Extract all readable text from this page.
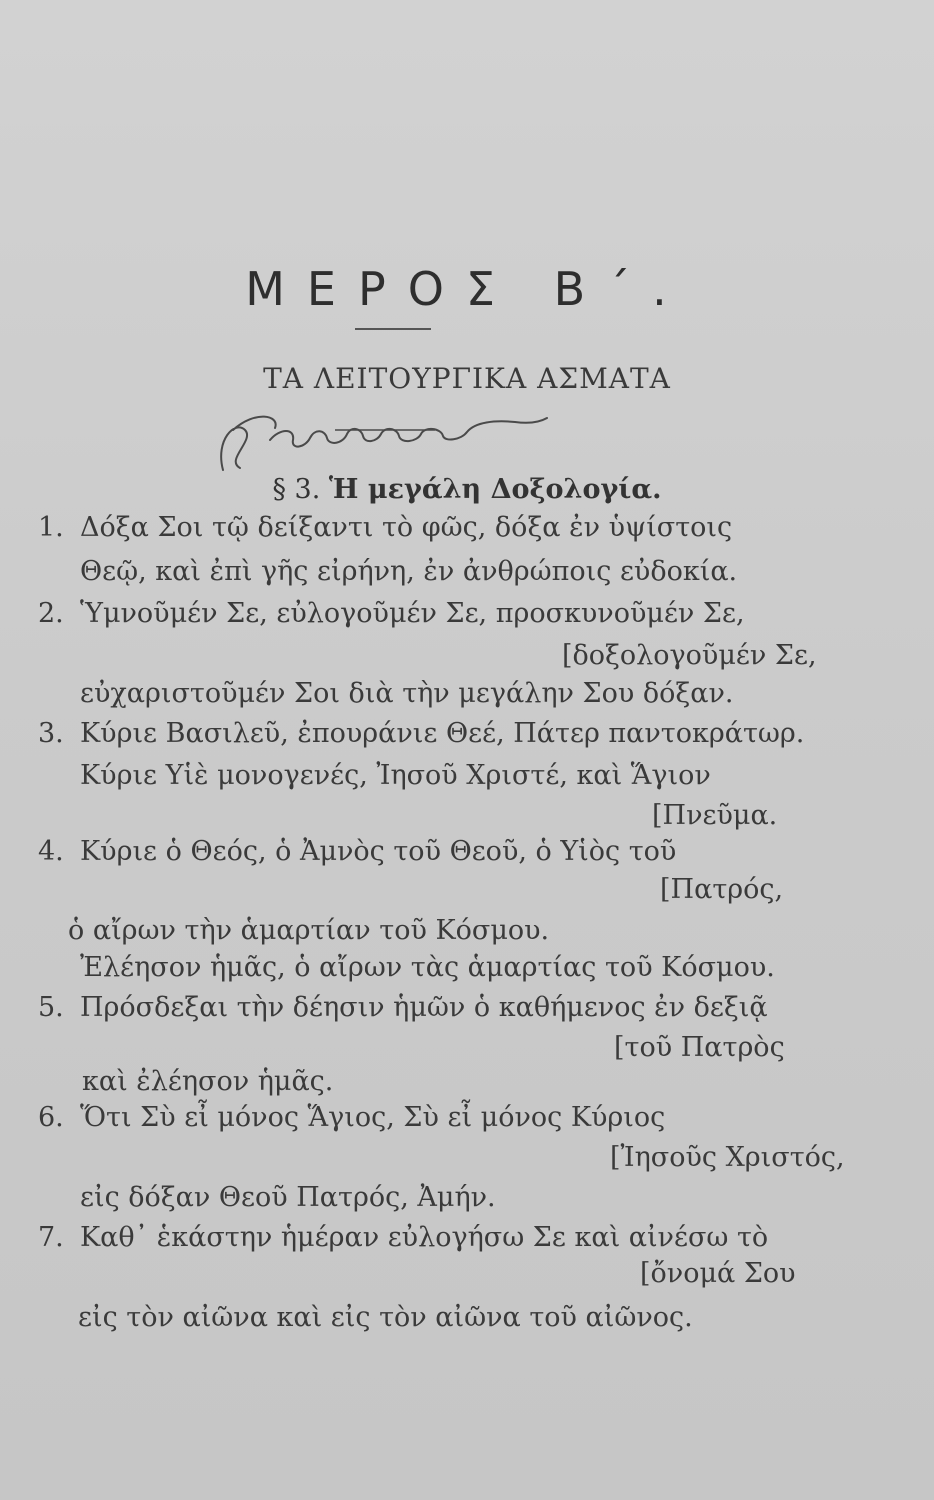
ΜΕΡΟΣ Β΄.
ΤΑ ΛΕΙΤΟΥΡΓΙΚΑ ΑΣΜΑΤΑ
§ 3. Ἡ μεγάλη Δοξολογία.
1. Δόξα Σοι τῷ δείξαντι τὸ φῶς, δόξα ἐν ὑψίστοις
Θεῷ, καὶ ἐπὶ γῆς εἰρήνη, ἐν ἀνθρώποις εὐδοκία.
2. Ὑμνοῦμέν Σε, εὐλογοῦμέν Σε, προσκυνοῦμέν Σε,
[δοξολογοῦμέν Σε,
εὐχαριστοῦμέν Σοι διὰ τὴν μεγάλην Σου δόξαν.
3. Κύριε Βασιλεῦ, ἐπουράνιε Θεέ, Πάτερ παντοκράτωρ.
Κύριε Υἱὲ μονογενές, Ἰησοῦ Χριστέ, καὶ Ἅγιον
[Πνεῦμα.
4. Κύριε ὁ Θεός, ὁ Ἀμνὸς τοῦ Θεοῦ, ὁ Υἱὸς τοῦ
[Πατρός,
ὁ αἴρων τὴν ἁμαρτίαν τοῦ Κόσμου.
Ἐλέησον ἡμᾶς, ὁ αἴρων τὰς ἁμαρτίας τοῦ Κόσμου.
5. Πρόσδεξαι τὴν δέησιν ἡμῶν ὁ καθήμενος ἐν δεξιᾷ
[τοῦ Πατρὸς
καὶ ἐλέησον ἡμᾶς.
6. Ὅτι Σὺ εἶ μόνος Ἅγιος, Σὺ εἶ μόνος Κύριος
[Ἰησοῦς Χριστός,
εἰς δόξαν Θεοῦ Πατρός, Ἀμήν.
7. Καθ᾿ ἑκάστην ἡμέραν εὐλογήσω Σε καὶ αἰνέσω τὸ
[ὄνομά Σου
εἰς τὸν αἰῶνα καὶ εἰς τὸν αἰῶνα τοῦ αἰῶνος.
